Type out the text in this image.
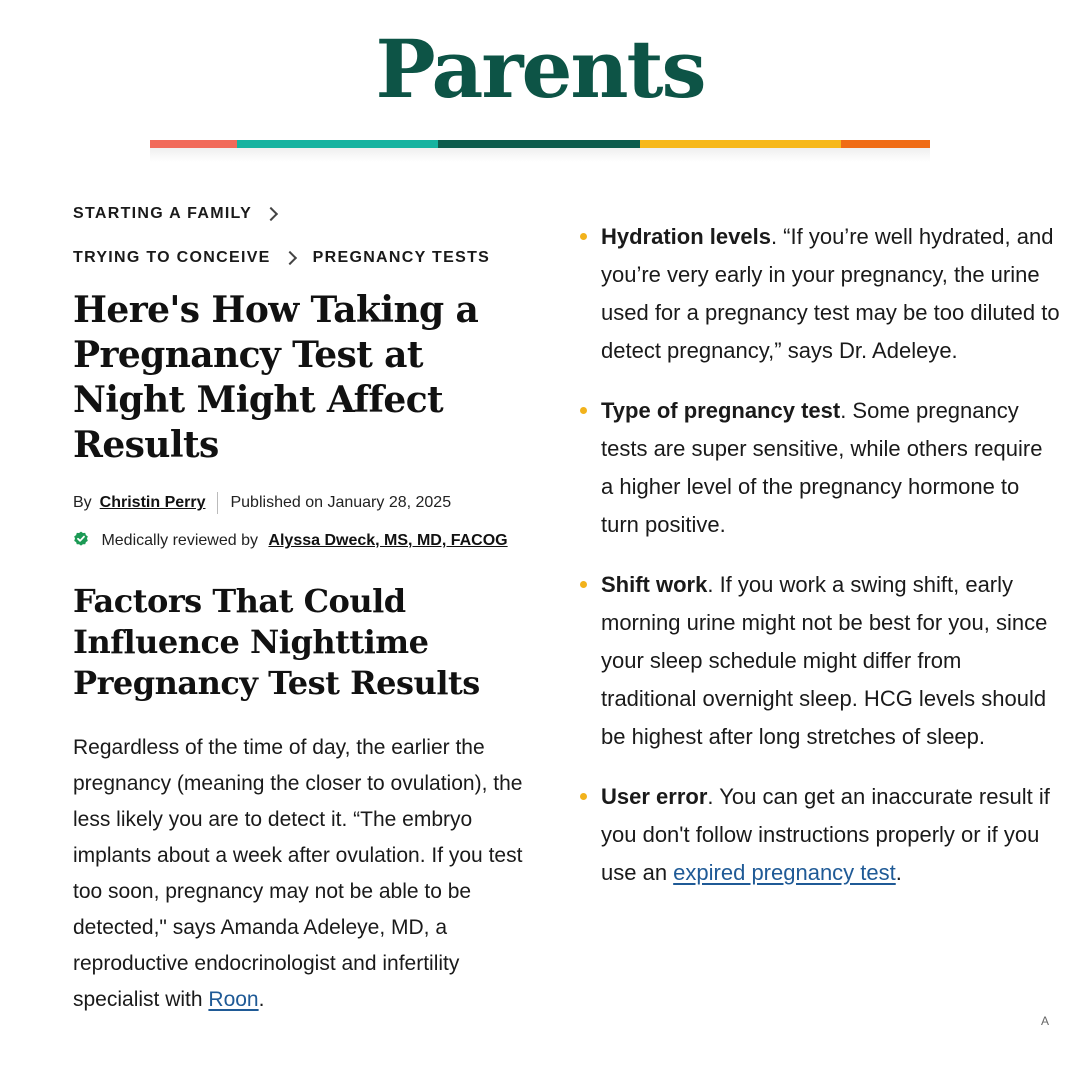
Parents
STARTING A FAMILY
TRYING TO CONCEIVE	PREGNANCY TESTS
Here's How Taking a Pregnancy Test at Night Might Affect Results
By Christin Perry Published on January 28, 2025
Medically reviewed by Alyssa Dweck, MS, MD, FACOG
Factors That Could Influence Nighttime Pregnancy Test Results

Regardless of the time of day, the earlier the pregnancy (meaning the closer to ovulation), the less likely you are to detect it. “The embryo implants about a week after ovulation. If you test too soon, pregnancy may not be able to be detected," says Amanda Adeleye, MD, a reproductive endocrinologist and infertility specialist with Roon.

Hydration levels. “If you’re well hydrated, and you’re very early in your pregnancy, the urine used for a pregnancy test may be too diluted to detect pregnancy,” says Dr. Adeleye.
Type of pregnancy test. Some pregnancy tests are super sensitive, while others require a higher level of the pregnancy hormone to turn positive.
Shift work. If you work a swing shift, early morning urine might not be best for you, since your sleep schedule might differ from traditional overnight sleep. HCG levels should be highest after long stretches of sleep.
User error. You can get an inaccurate result if you don't follow instructions properly or if you use an expired pregnancy test.
A
